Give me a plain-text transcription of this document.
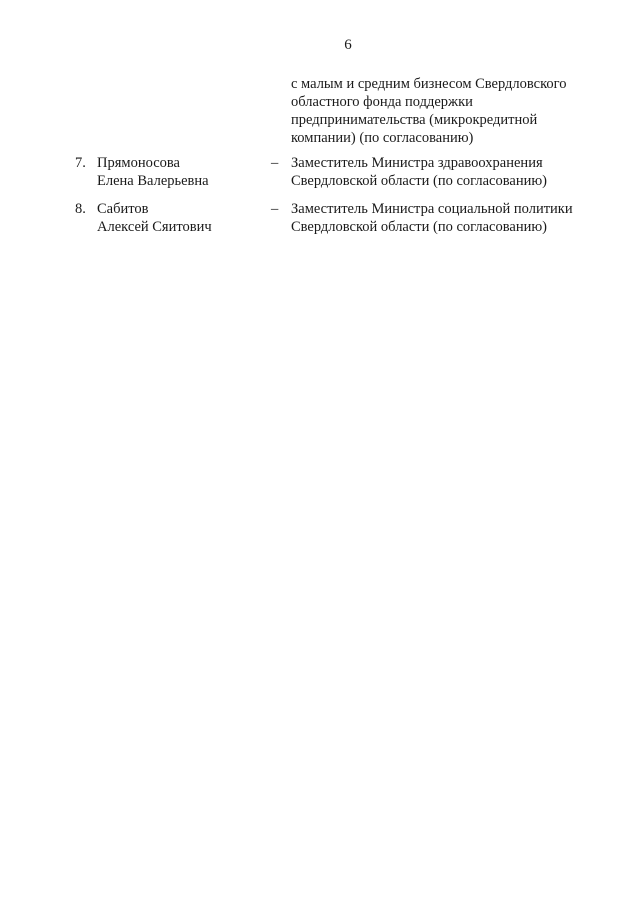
6
с малым и средним бизнесом Свердловского
областного фонда поддержки
предпринимательства (микрокредитной
компании) (по согласованию)
7. Прямоносова
Елена Валерьевна
– Заместитель Министра здравоохранения
Свердловской области (по согласованию)
8. Сабитов
Алексей Сяитович
– Заместитель Министра социальной политики
Свердловской области (по согласованию)
